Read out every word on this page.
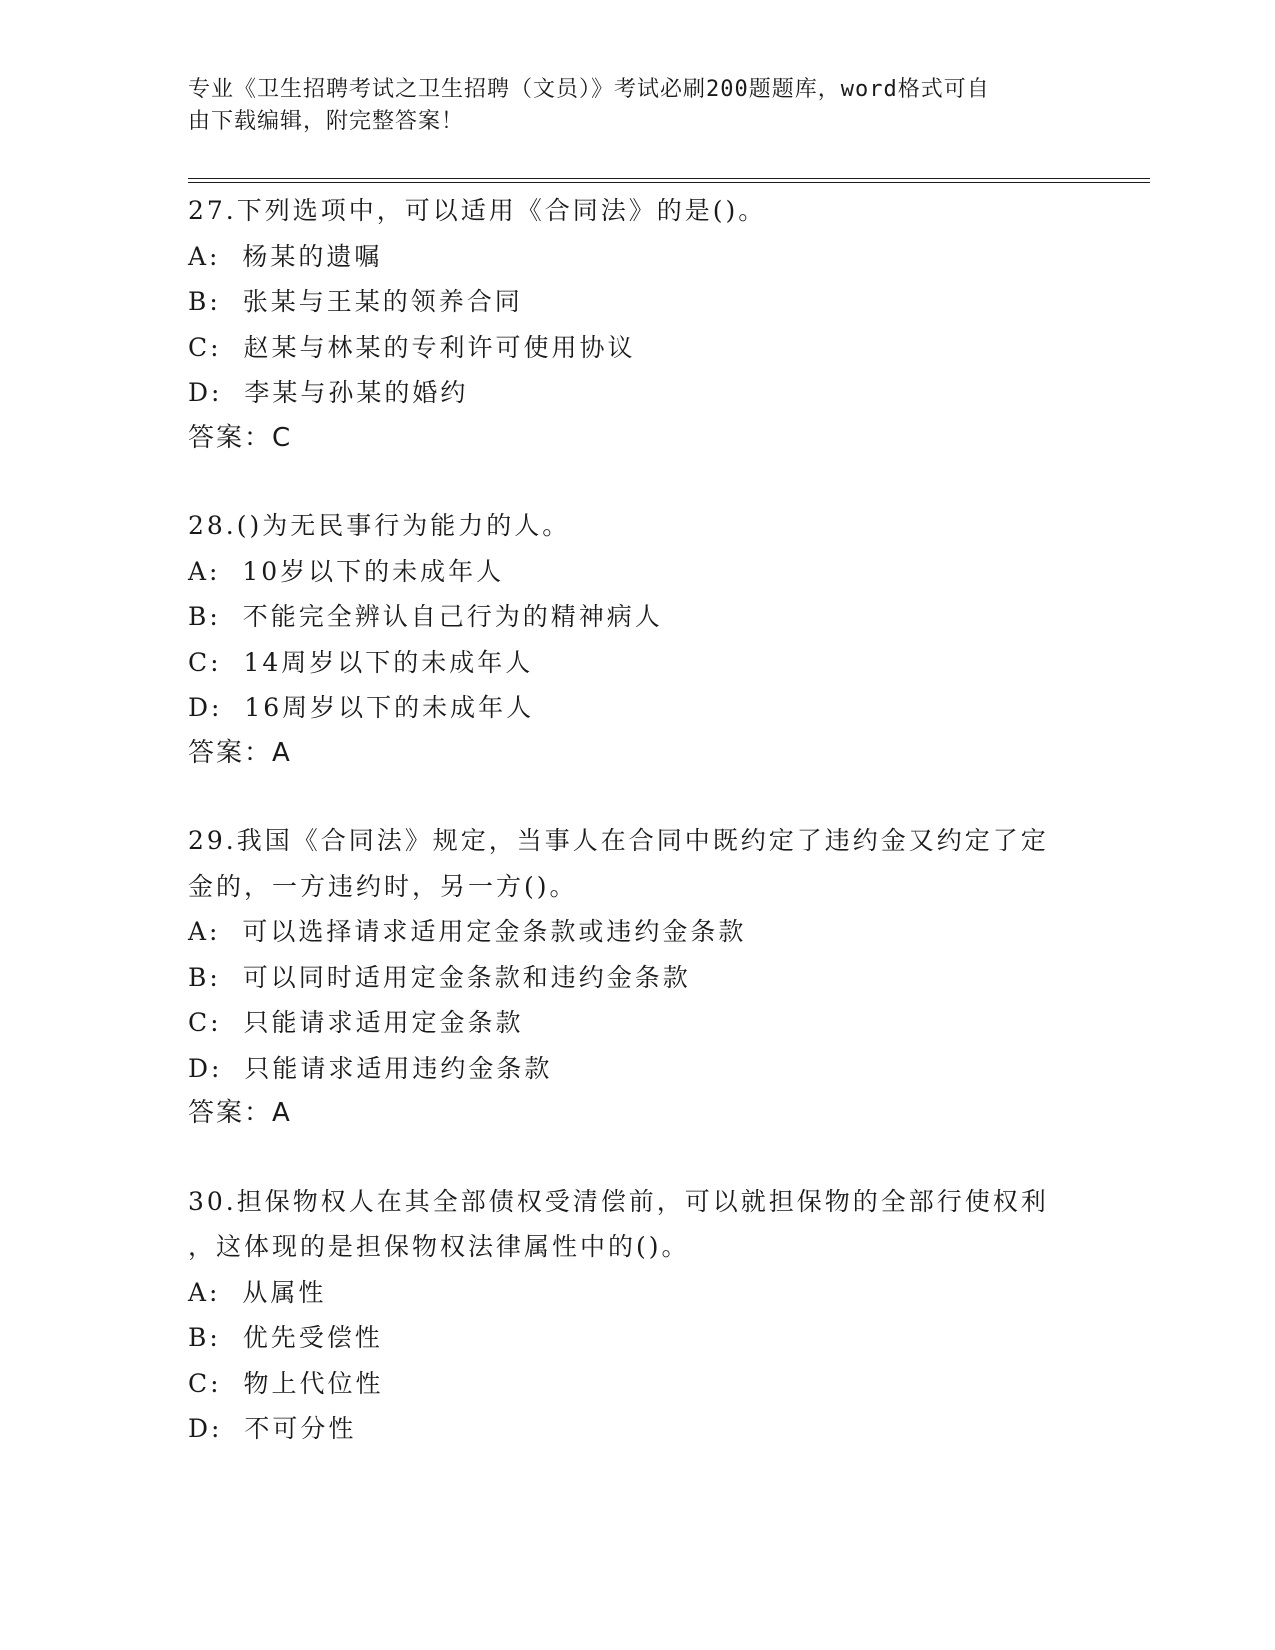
专业《卫生招聘考试之卫生招聘（文员）》考试必刷200题题库，word格式可自
由下载编辑，附完整答案！
27.下列选项中，可以适用《合同法》的是()。
A:  杨某的遗嘱
B:  张某与王某的领养合同
C:  赵某与林某的专利许可使用协议
D:  李某与孙某的婚约
答案：C
28.()为无民事行为能力的人。
A:  10岁以下的未成年人
B:  不能完全辨认自己行为的精神病人
C:  14周岁以下的未成年人
D:  16周岁以下的未成年人
答案：A
29.我国《合同法》规定，当事人在合同中既约定了违约金又约定了定
金的，一方违约时，另一方()。
A:  可以选择请求适用定金条款或违约金条款
B:  可以同时适用定金条款和违约金条款
C:  只能请求适用定金条款
D:  只能请求适用违约金条款
答案：A
30.担保物权人在其全部债权受清偿前，可以就担保物的全部行使权利
，这体现的是担保物权法律属性中的()。
A:  从属性
B:  优先受偿性
C:  物上代位性
D:  不可分性
